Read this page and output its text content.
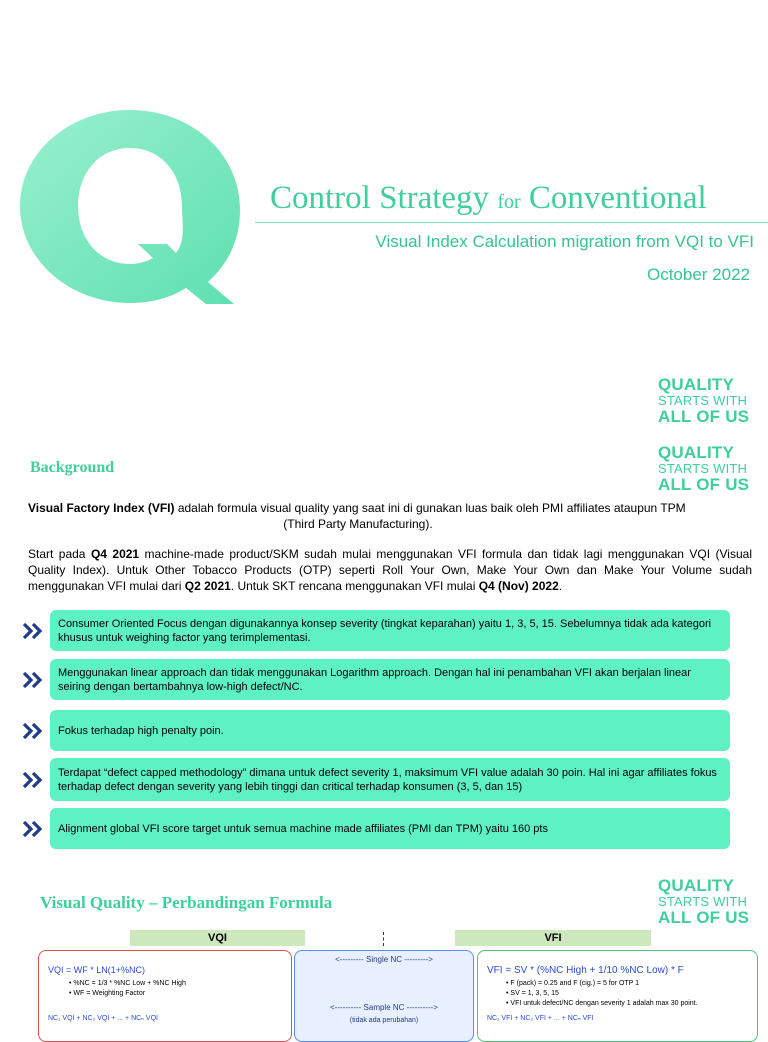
Control Strategy for Conventional
Visual Index Calculation migration from VQI to VFI
October 2022
QUALITY
STARTS WITH
ALL OF US
QUALITY
STARTS WITH
ALL OF US
QUALITY
STARTS WITH
ALL OF US
Background
Visual Factory Index (VFI) adalah formula visual quality yang saat ini di gunakan luas baik oleh PMI affiliates ataupun TPM
(Third Party Manufacturing).
Start pada Q4 2021 machine-made product/SKM sudah mulai menggunakan VFI formula dan tidak lagi menggunakan VQI (Visual Quality Index). Untuk Other Tobacco Products (OTP) seperti Roll Your Own, Make Your Own dan Make Your Volume sudah menggunakan VFI mulai dari Q2 2021. Untuk SKT rencana menggunakan VFI mulai Q4 (Nov) 2022.
Consumer Oriented Focus dengan digunakannya konsep severity (tingkat keparahan) yaitu 1, 3, 5, 15. Sebelumnya tidak ada kategori khusus untuk weighing factor yang terimplementasi.
Menggunakan linear approach dan tidak menggunakan Logarithm approach. Dengan hal ini penambahan VFI akan berjalan linear seiring dengan bertambahnya low-high defect/NC.
Fokus terhadap high penalty poin.
Terdapat “defect capped methodology” dimana untuk defect severity 1, maksimum VFI value adalah 30 poin. Hal ini agar affiliates fokus terhadap defect dengan severity yang lebih tinggi dan critical terhadap konsumen (3, 5, dan 15)
Alignment global VFI score target untuk semua machine made affiliates (PMI dan TPM) yaitu 160 pts
Visual Quality – Perbandingan Formula
VQI	VFI
VQI = WF * LN(1+%NC)
• %NC = 1/3 * %NC Low + %NC High
• WF = Weighting Factor
NC₁ VQI + NC₂ VQI + ... + NCₙ VQI
<--------- Single NC --------->
<---------- Sample NC ---------->
(tidak ada perubahan)
VFI = SV * (%NC High + 1/10 %NC Low) * F
• F (pack) = 0.25 and F (cig.) = 5 for OTP 1
• SV = 1, 3, 5, 15
• VFI untuk defect/NC dengan severity 1 adalah max 30 point.
NC₁ VFI + NC₂ VFI + ... + NCₙ VFI
